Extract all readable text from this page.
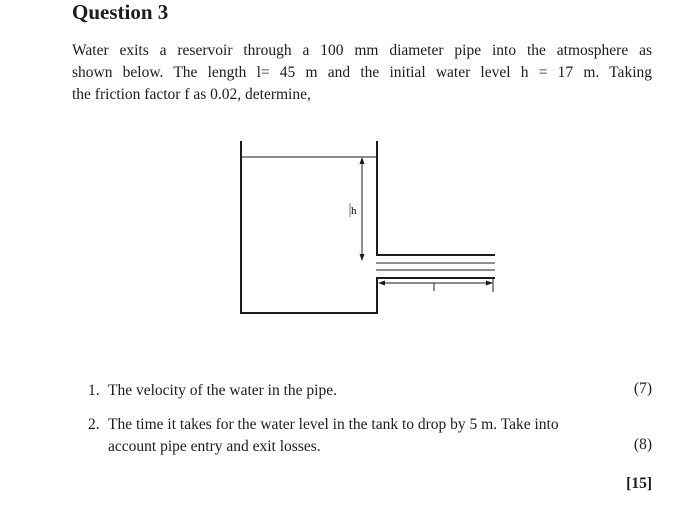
Question 3
Water exits a reservoir through a 100 mm diameter pipe into the atmosphere as
shown below. The length l= 45 m and the initial water level h = 17 m. Taking
the friction factor f as 0.02, determine,
h
1. The velocity of the water in the pipe.	(7)
2. The time it takes for the water level in the tank to drop by 5 m. Take into
account pipe entry and exit losses.	(8)
[15]
